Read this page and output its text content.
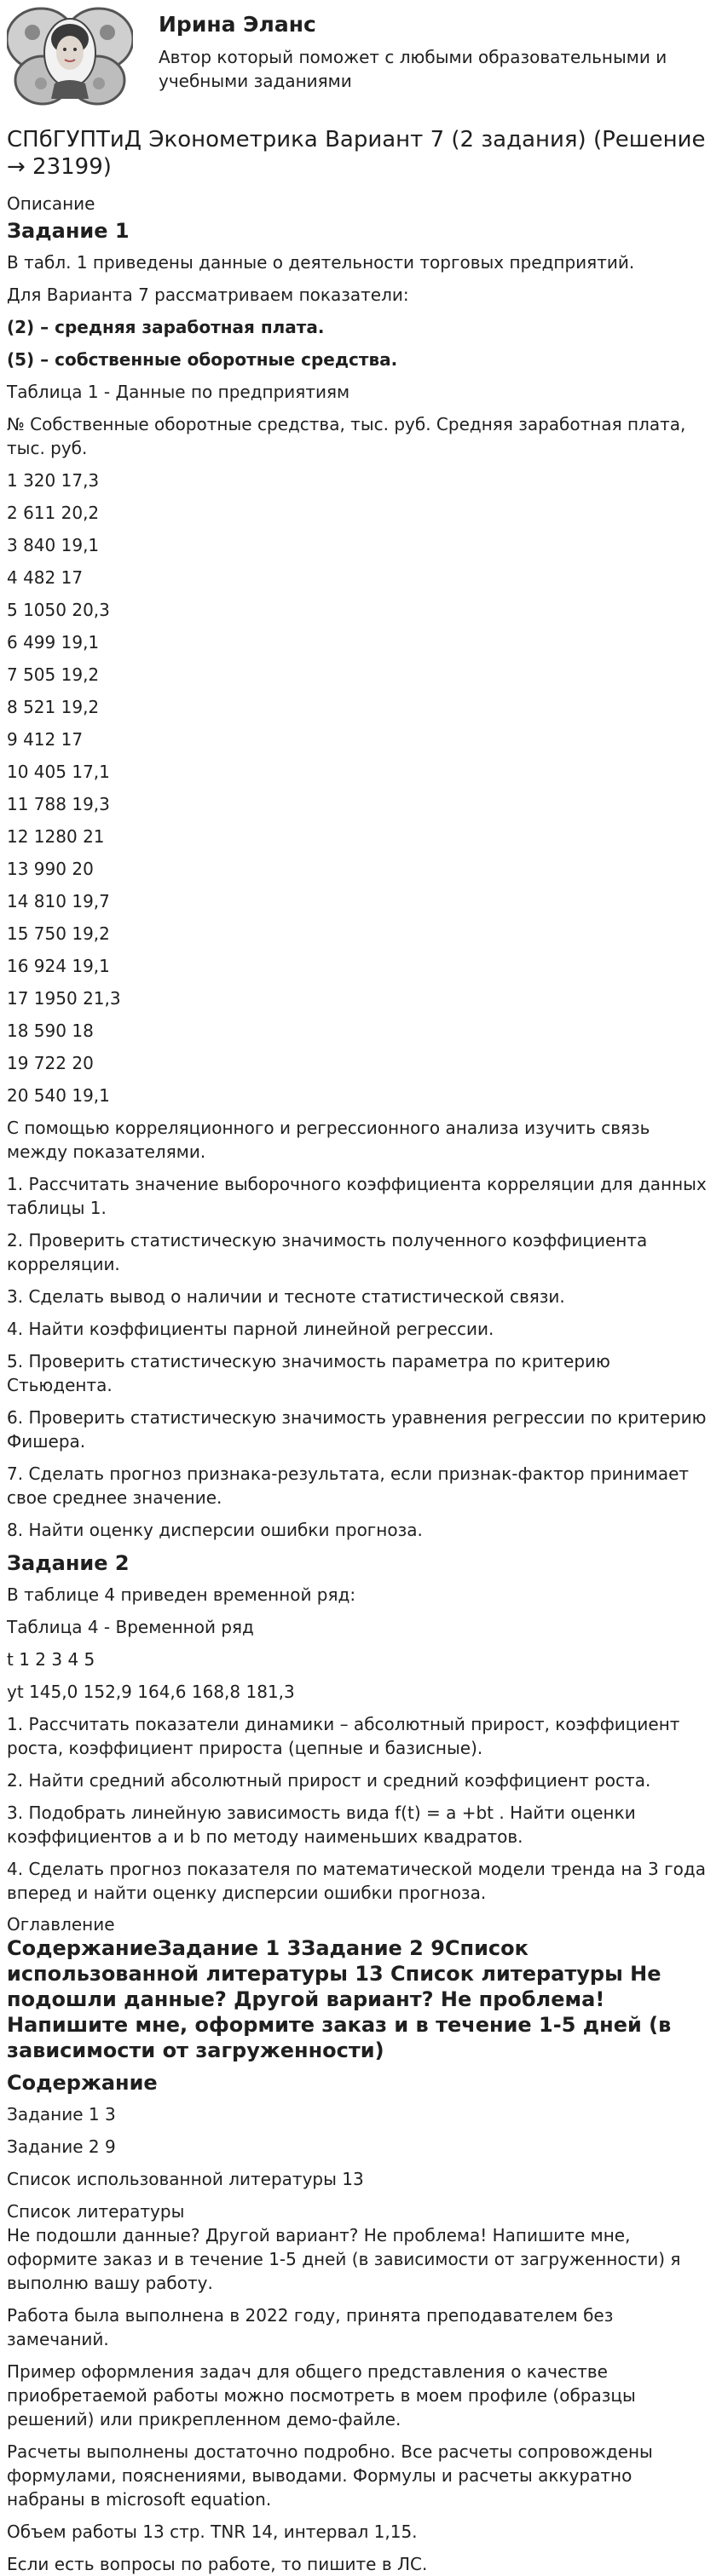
Ирина Эланс
Автор который поможет с любыми образовательными и учебными заданиями
СПбГУПТиД Эконометрика Вариант 7 (2 задания) (Решение → 23199)
Описание
Задание 1

В табл. 1 приведены данные о деятельности торговых предприятий.

Для Варианта 7 рассматриваем показатели:

(2) – средняя заработная плата.

(5) – собственные оборотные средства.

Таблица 1 - Данные по предприятиям

№ Собственные оборотные средства, тыс. руб. Средняя заработная плата, тыс. руб.

1 320 17,3

2 611 20,2

3 840 19,1

4 482 17

5 1050 20,3

6 499 19,1

7 505 19,2

8 521 19,2

9 412 17

10 405 17,1

11 788 19,3

12 1280 21

13 990 20

14 810 19,7

15 750 19,2

16 924 19,1

17 1950 21,3

18 590 18

19 722 20

20 540 19,1

С помощью корреляционного и регрессионного анализа изучить связь между показателями.

1. Рассчитать значение выборочного коэффициента корреляции для данных таблицы 1.

2. Проверить статистическую значимость полученного коэффициента корреляции.

3. Сделать вывод о наличии и тесноте статистической связи.

4. Найти коэффициенты парной линейной регрессии.

5. Проверить статистическую значимость параметра по критерию Стьюдента.

6. Проверить статистическую значимость уравнения регрессии по критерию Фишера.

7. Сделать прогноз признака-результата, если признак-фактор принимает свое среднее значение.

8. Найти оценку дисперсии ошибки прогноза.

Задание 2

В таблице 4 приведен временной ряд:

Таблица 4 - Временной ряд

t 1 2 3 4 5

yt 145,0 152,9 164,6 168,8 181,3

1. Рассчитать показатели динамики – абсолютный прирост, коэффициент роста, коэффициент прироста (цепные и базисные).

2. Найти средний абсолютный прирост и средний коэффициент роста.

3. Подобрать линейную зависимость вида f(t) = a +bt . Найти оценки коэффициентов a и b по методу наименьших квадратов.

4. Сделать прогноз показателя по математической модели тренда на 3 года вперед и найти оценку дисперсии ошибки прогноза.

Оглавление
СодержаниеЗадание 1 3Задание 2 9Список использованной литературы 13 Список литературы Не подошли данные? Другой вариант? Не проблема! Напишите мне, оформите заказ и в течение 1-5 дней (в зависимости от загруженности)
Содержание

Задание 1 3

Задание 2 9

Список использованной литературы 13

Список литературы

Не подошли данные? Другой вариант? Не проблема! Напишите мне, оформите заказ и в течение 1-5 дней (в зависимости от загруженности) я выполню вашу работу.

Работа была выполнена в 2022 году, принята преподавателем без замечаний.

Пример оформления задач для общего представления о качестве приобретаемой работы можно посмотреть в моем профиле (образцы решений) или прикрепленном демо-файле.

Расчеты выполнены достаточно подробно. Все расчеты сопровождены формулами, пояснениями, выводами. Формулы и расчеты аккуратно набраны в microsoft equation.

Объем работы 13 стр. TNR 14, интервал 1,15.

Если есть вопросы по работе, то пишите в ЛС.
